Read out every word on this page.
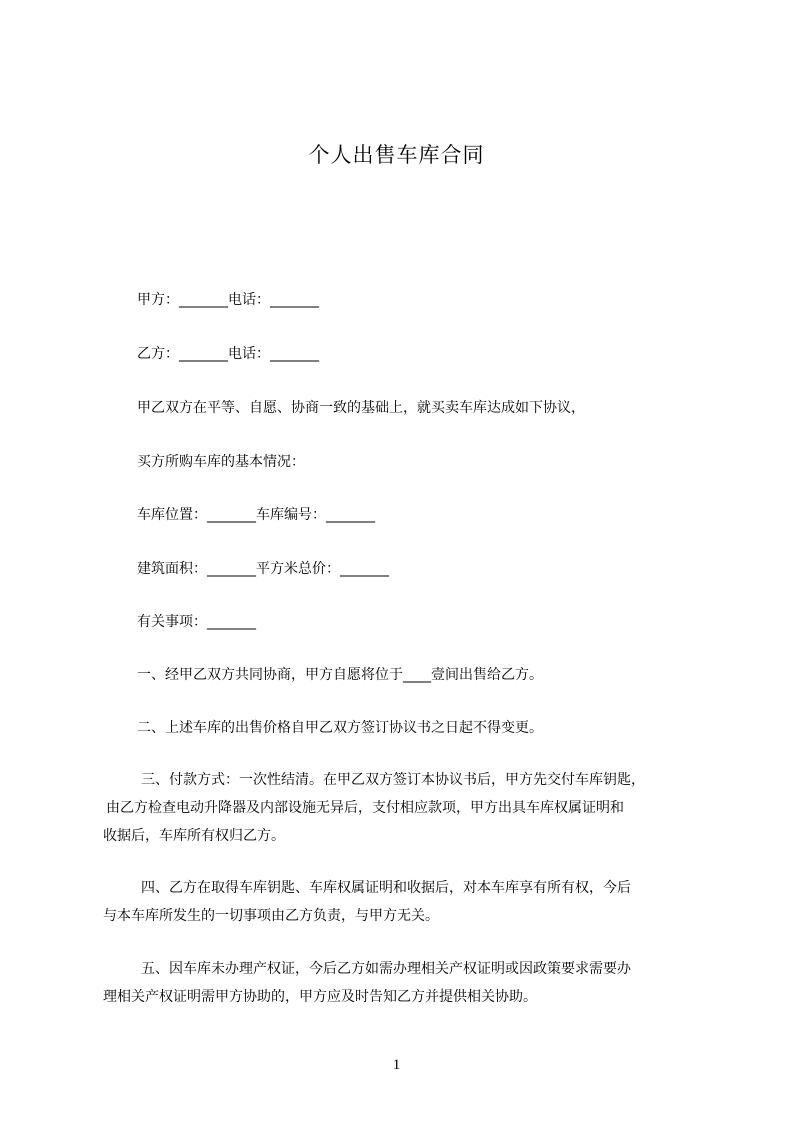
个人出售车库合同
甲方：_______电话：_______
乙方：_______电话：_______
甲乙双方在平等、自愿、协商一致的基础上，就买卖车库达成如下协议，
买方所购车库的基本情况：
车库位置：_______车库编号：_______
建筑面积：_______平方米总价：_______
有关事项：_______
一、经甲乙双方共同协商，甲方自愿将位于____壹间出售给乙方。
二、上述车库的出售价格自甲乙双方签订协议书之日起不得变更。
三、付款方式：一次性结清。在甲乙双方签订本协议书后，甲方先交付车库钥匙，
由乙方检查电动升降器及内部设施无异后，支付相应款项，甲方出具车库权属证明和
收据后，车库所有权归乙方。
四、乙方在取得车库钥匙、车库权属证明和收据后，对本车库享有所有权，今后
与本车库所发生的一切事项由乙方负责，与甲方无关。
五、因车库未办理产权证，今后乙方如需办理相关产权证明或因政策要求需要办
理相关产权证明需甲方协助的，甲方应及时告知乙方并提供相关协助。
1
